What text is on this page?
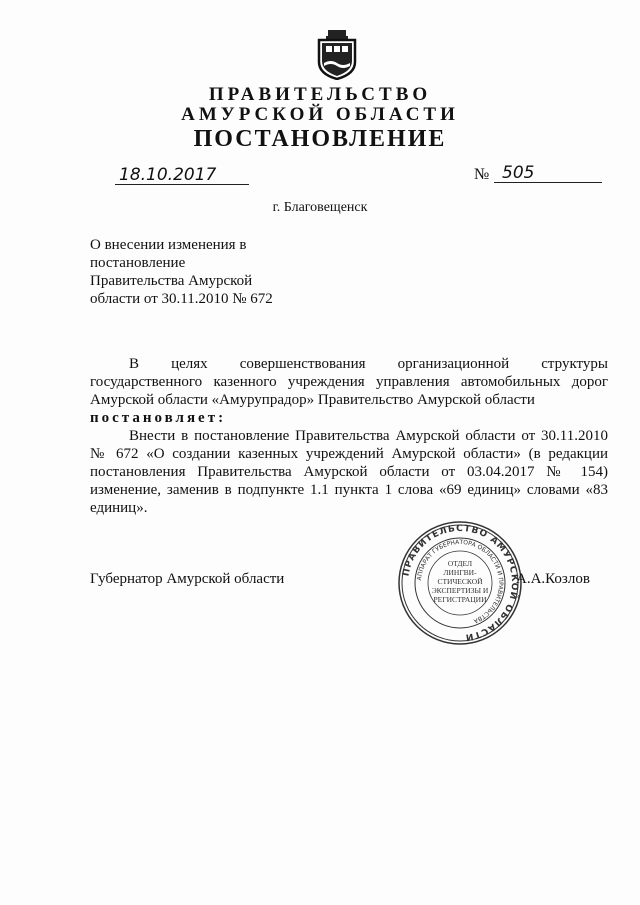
ПРАВИТЕЛЬСТВО
АМУРСКОЙ ОБЛАСТИ
ПОСТАНОВЛЕНИЕ
18.10.2017	№ 505
г. Благовещенск
О внесении изменения в
постановление
Правительства Амурской
области от 30.11.2010 № 672

В целях совершенствования организационной структуры государственного казенного учреждения управления автомобильных дорог Амурской области «Амурупрадор» Правительство Амурской области

постановляет:

Внести в постановление Правительства Амурской области от 30.11.2010 № 672 «О создании казенных учреждений Амурской области» (в редакции постановления Правительства Амурской области от 03.04.2017 № 154) изменение, заменив в подпункте 1.1 пункта 1 слова «69 единиц» словами «83 единиц».

Губернатор Амурской области	ПРАВИТЕЛЬСТВО АМУРСКОЙ ОБЛАСТИ
АППАРАТ ГУБЕРНАТОРА ОБЛАСТИ И ПРАВИТЕЛЬСТВА
ОТДЕЛ
ЛИНГВИ-
СТИЧЕСКОЙ
ЭКСПЕРТИЗЫ И
РЕГИСТРАЦИИ
А.А.Козлов
